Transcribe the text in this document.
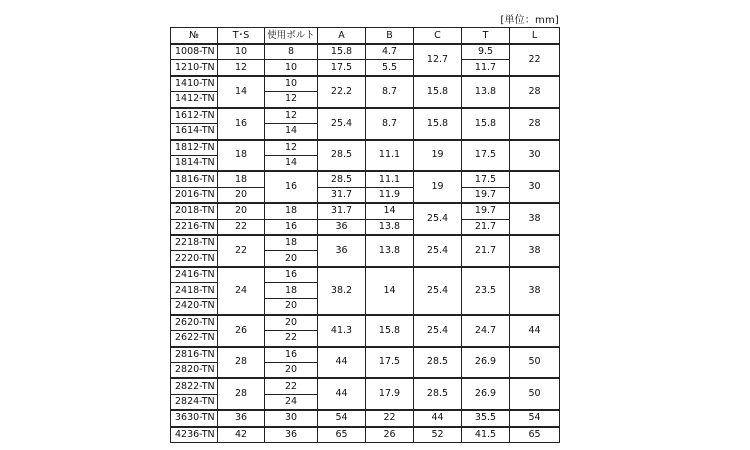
[単位：mm]
№	T･S	使用ボルト	A	B	C	T	L
1008-TN	10	8	15.8	4.7	12.7	9.5	22
1210-TN	12	10	17.5	5.5		11.7	
1410-TN	14	10	22.2	8.7	15.8	13.8	28
1412-TN		12					
1612-TN	16	12	25.4	8.7	15.8	15.8	28
1614-TN		14					
1812-TN	18	12	28.5	11.1	19	17.5	30
1814-TN		14					
1816-TN	18	16	28.5	11.1	19	17.5	30
2016-TN	20		31.7	11.9		19.7	
2018-TN	20	18	31.7	14	25.4	19.7	38
2216-TN	22	16	36	13.8		21.7	
2218-TN	22	18	36	13.8	25.4	21.7	38
2220-TN		20					
2416-TN	24	16	38.2	14	25.4	23.5	38
2418-TN		18					
2420-TN		20					
2620-TN	26	20	41.3	15.8	25.4	24.7	44
2622-TN		22					
2816-TN	28	16	44	17.5	28.5	26.9	50
2820-TN		20					
2822-TN	28	22	44	17.9	28.5	26.9	50
2824-TN		24					
3630-TN	36	30	54	22	44	35.5	54
4236-TN	42	36	65	26	52	41.5	65
